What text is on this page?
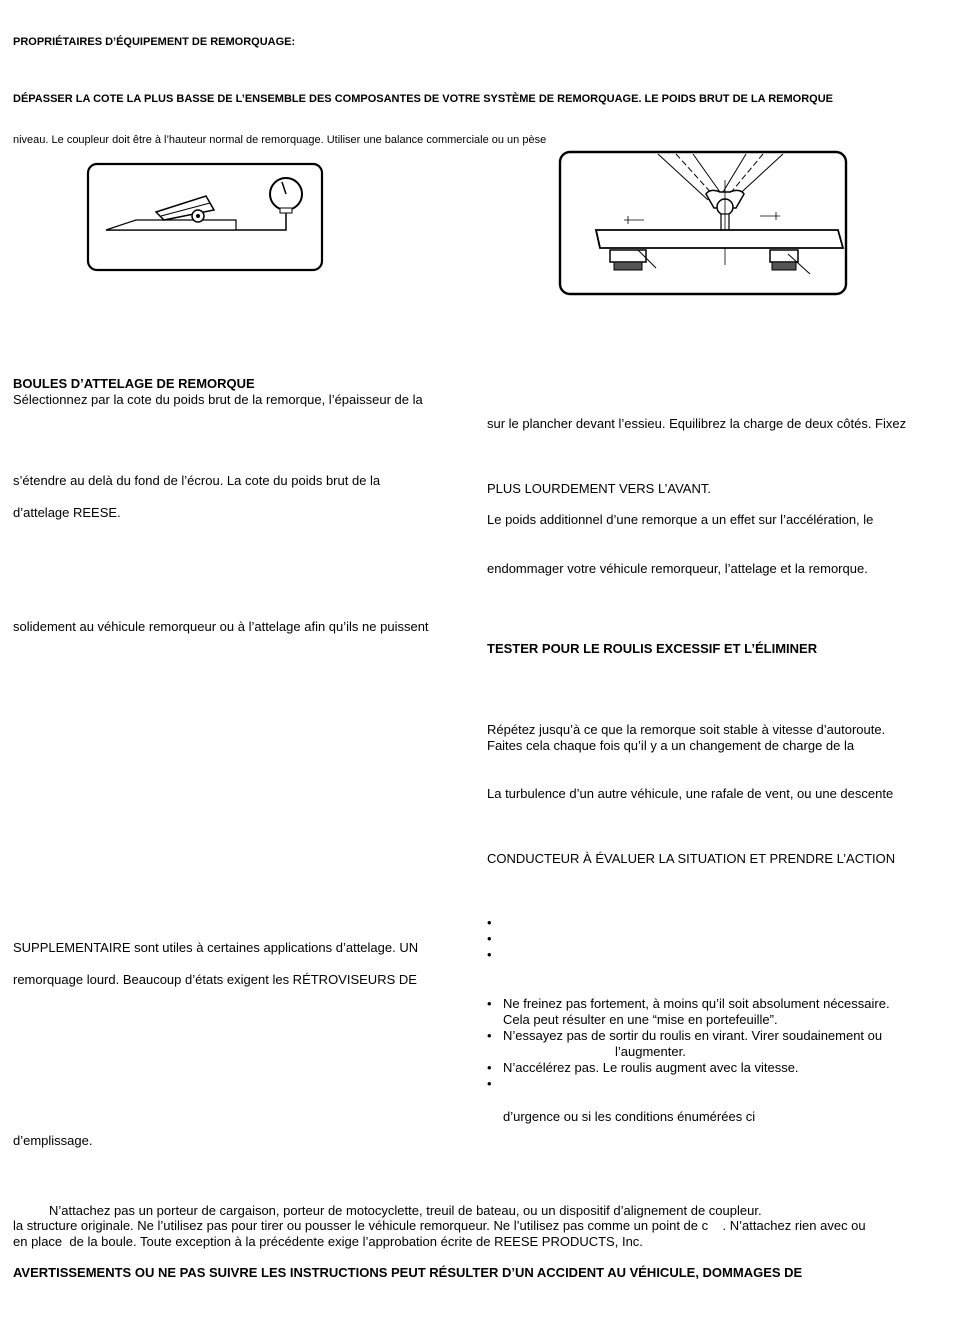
PROPRIÉTAIRES D’ÉQUIPEMENT DE REMORQUAGE:
DÉPASSER LA COTE LA PLUS BASSE DE L’ENSEMBLE DES COMPOSANTES DE VOTRE SYSTÈME DE REMORQUAGE. LE POIDS BRUT DE LA REMORQUE
niveau. Le coupleur doit être à l’hauteur normal de remorquage. Utiliser une balance commerciale ou un pèse
BOULES D’ATTELAGE DE REMORQUE
Sélectionnez par la cote du poids brut de la remorque, l’épaisseur de la
s’étendre au delà du fond de l’écrou. La cote du poids brut de la
d’attelage REESE.
solidement au véhicule remorqueur ou à l’attelage afin qu’ils ne puissent
SUPPLEMENTAIRE sont utiles à certaines applications d’attelage. UN
remorquage lourd. Beaucoup d’états exigent les RÉTROVISEURS DE
d’emplissage.
sur le plancher devant l’essieu. Equilibrez la charge de deux côtés. Fixez
PLUS LOURDEMENT VERS L’AVANT.
Le poids additionnel d’une remorque a un effet sur l’accélération, le
endommager votre véhicule remorqueur, l’attelage et la remorque.
TESTER POUR LE ROULIS EXCESSIF ET L’ÉLIMINER
Répétez jusqu’à ce que la remorque soit stable à vitesse d’autoroute.
Faites cela chaque fois qu’il y a un changement de charge de la
La turbulence d’un autre véhicule, une rafale de vent, ou une descente
CONDUCTEUR À ÉVALUER LA SITUATION ET PRENDRE L’ACTION
•
•
•
• Ne freinez pas fortement, à moins qu’il soit absolument nécessaire.
Cela peut résulter en une “mise en portefeuille”.
• N’essayez pas de sortir du roulis en virant. Virer soudainement ou
l’augmenter.
• N’accélérez pas. Le roulis augment avec la vitesse.
•
d’urgence ou si les conditions énumérées ci
N’attachez pas un porteur de cargaison, porteur de motocyclette, treuil de bateau, ou un dispositif d’alignement de coupleur.
la structure originale. Ne l’utilisez pas pour tirer ou pousser le véhicule remorqueur. Ne l’utilisez pas comme un point de c    . N’attachez rien avec ou
en place  de la boule. Toute exception à la précédente exige l’approbation écrite de REESE PRODUCTS, Inc.
AVERTISSEMENTS OU NE PAS SUIVRE LES INSTRUCTIONS PEUT RÉSULTER D’UN ACCIDENT AU VÉHICULE, DOMMAGES DE
